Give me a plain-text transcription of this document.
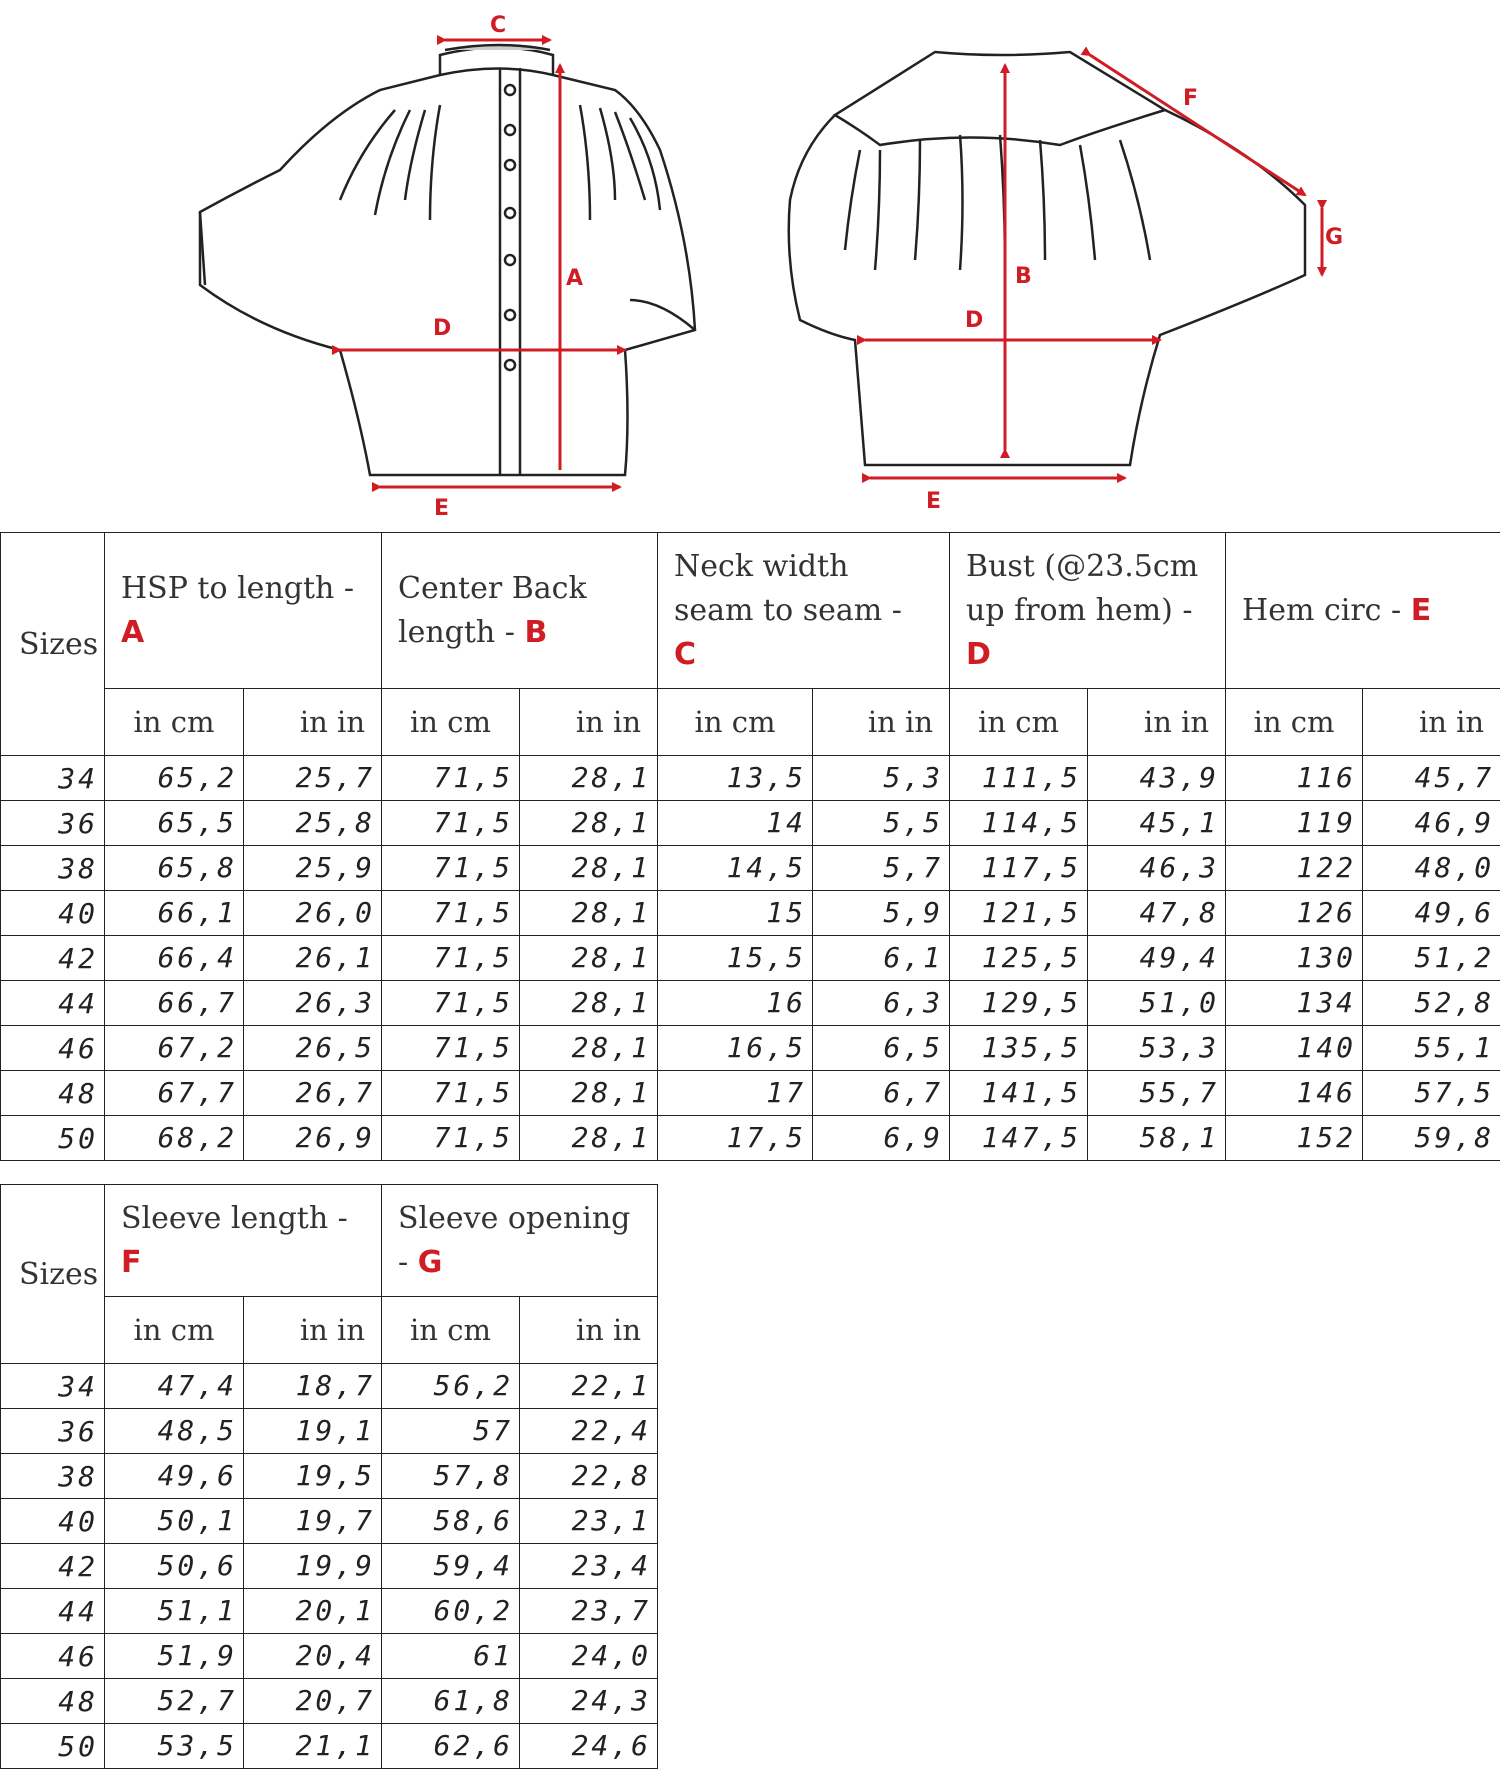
C
A
D
E
B
D
E
F
G
Sizes	HSP to length - A		Center Back length - B		Neck width seam to seam - C		Bust (@23.5cm up from hem) - D		Hem circ - E	
	in cm	in in	in cm	in in	in cm	in in	in cm	in in	in cm	in in
34	65,2	25,7	71,5	28,1	13,5	5,3	111,5	43,9	116	45,7
36	65,5	25,8	71,5	28,1	14	5,5	114,5	45,1	119	46,9
38	65,8	25,9	71,5	28,1	14,5	5,7	117,5	46,3	122	48,0
40	66,1	26,0	71,5	28,1	15	5,9	121,5	47,8	126	49,6
42	66,4	26,1	71,5	28,1	15,5	6,1	125,5	49,4	130	51,2
44	66,7	26,3	71,5	28,1	16	6,3	129,5	51,0	134	52,8
46	67,2	26,5	71,5	28,1	16,5	6,5	135,5	53,3	140	55,1
48	67,7	26,7	71,5	28,1	17	6,7	141,5	55,7	146	57,5
50	68,2	26,9	71,5	28,1	17,5	6,9	147,5	58,1	152	59,8
Sizes	Sleeve length - F		Sleeve opening - G	
	in cm	in in	in cm	in in
34	47,4	18,7	56,2	22,1
36	48,5	19,1	57	22,4
38	49,6	19,5	57,8	22,8
40	50,1	19,7	58,6	23,1
42	50,6	19,9	59,4	23,4
44	51,1	20,1	60,2	23,7
46	51,9	20,4	61	24,0
48	52,7	20,7	61,8	24,3
50	53,5	21,1	62,6	24,6
